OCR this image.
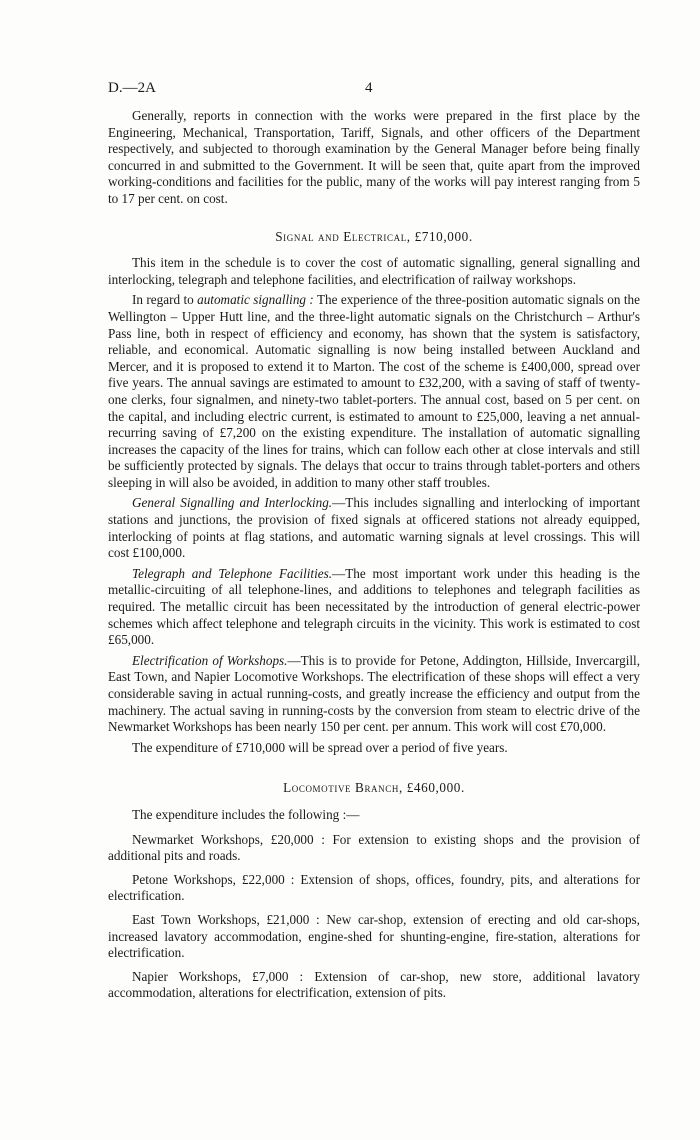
D.—2A	4

Generally, reports in connection with the works were prepared in the first place by the Engineering, Mechanical, Transportation, Tariff, Signals, and other officers of the Department respectively, and subjected to thorough examination by the General Manager before being finally concurred in and submitted to the Government. It will be seen that, quite apart from the improved working-conditions and facilities for the public, many of the works will pay interest ranging from 5 to 17 per cent. on cost.

Signal and Electrical, £710,000.

This item in the schedule is to cover the cost of automatic signalling, general signalling and interlocking, telegraph and telephone facilities, and electrification of railway workshops.

In regard to automatic signalling : The experience of the three-position automatic signals on the Wellington – Upper Hutt line, and the three-light automatic signals on the Christchurch – Arthur's Pass line, both in respect of efficiency and economy, has shown that the system is satisfactory, reliable, and economical. Automatic signalling is now being installed between Auckland and Mercer, and it is proposed to extend it to Marton. The cost of the scheme is £400,000, spread over five years. The annual savings are estimated to amount to £32,200, with a saving of staff of twenty-one clerks, four signalmen, and ninety-two tablet-porters. The annual cost, based on 5 per cent. on the capital, and including electric current, is estimated to amount to £25,000, leaving a net annual-recurring saving of £7,200 on the existing expenditure. The installation of automatic signalling increases the capacity of the lines for trains, which can follow each other at close intervals and still be sufficiently protected by signals. The delays that occur to trains through tablet-porters and others sleeping in will also be avoided, in addition to many other staff troubles.

General Signalling and Interlocking.—This includes signalling and interlocking of important stations and junctions, the provision of fixed signals at officered stations not already equipped, interlocking of points at flag stations, and automatic warning signals at level crossings. This will cost £100,000.

Telegraph and Telephone Facilities.—The most important work under this heading is the metallic-circuiting of all telephone-lines, and additions to telephones and telegraph facilities as required. The metallic circuit has been necessitated by the introduction of general electric-power schemes which affect telephone and telegraph circuits in the vicinity. This work is estimated to cost £65,000.

Electrification of Workshops.—This is to provide for Petone, Addington, Hillside, Invercargill, East Town, and Napier Locomotive Workshops. The electrification of these shops will effect a very considerable saving in actual running-costs, and greatly increase the efficiency and output from the machinery. The actual saving in running-costs by the conversion from steam to electric drive of the Newmarket Workshops has been nearly 150 per cent. per annum. This work will cost £70,000.

The expenditure of £710,000 will be spread over a period of five years.

Locomotive Branch, £460,000.

The expenditure includes the following :—

Newmarket Workshops, £20,000 : For extension to existing shops and the provision of additional pits and roads.

Petone Workshops, £22,000 : Extension of shops, offices, foundry, pits, and alterations for electrification.

East Town Workshops, £21,000 : New car-shop, extension of erecting and old car-shops, increased lavatory accommodation, engine-shed for shunting-engine, fire-station, alterations for electrification.

Napier Workshops, £7,000 : Extension of car-shop, new store, additional lavatory accommodation, alterations for electrification, extension of pits.
